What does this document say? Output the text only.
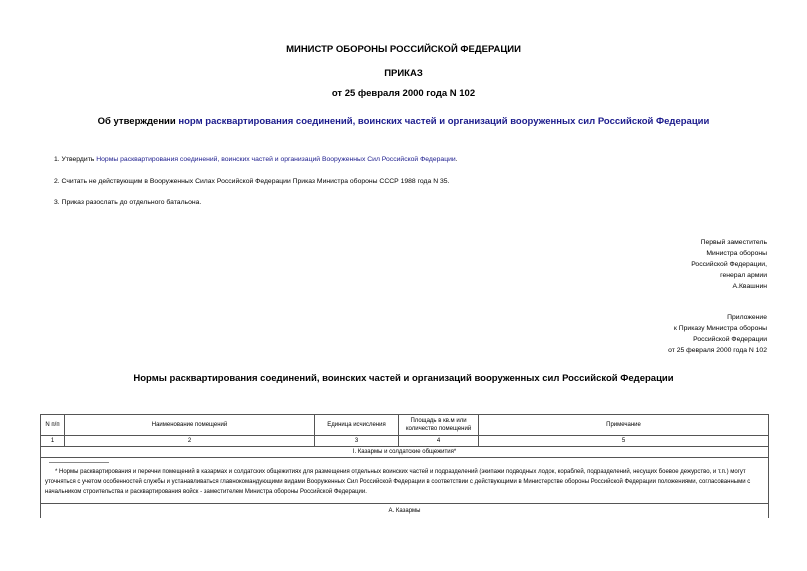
МИНИСТР ОБОРОНЫ РОССИЙСКОЙ ФЕДЕРАЦИИ
ПРИКАЗ
от 25 февраля 2000 года N 102
Об утверждении норм расквартирования соединений, воинских частей и организаций вооруженных сил Российской Федерации
1. Утвердить Нормы расквартирования соединений, воинских частей и организаций Вооруженных Сил Российской Федерации.
2. Считать не действующим в Вооруженных Силах Российской Федерации Приказ Министра обороны СССР 1988 года N 35.
3. Приказ разослать до отдельного батальона.
Первый заместитель
Министра обороны
Российской Федерации,
генерал армии
А.Квашнин
Приложение
к Приказу Министра обороны
Российской Федерации
от 25 февраля 2000 года N 102
Нормы расквартирования соединений, воинских частей и организаций вооруженных сил Российской Федерации
N п/п	Наименование помещений	Единица исчисления	Площадь в кв.м или количество помещений	Примечание
1	2	3	4	5
I. Казармы и солдатские общежития*				

* Нормы расквартирования и перечни помещений в казармах и солдатских общежитиях для размещения отдельных воинских частей и подразделений (экипажи подводных лодок, кораблей, подразделений, несущих боевое дежурство, и т.п.) могут уточняться с учетом особенностей службы и устанавливаться главнокомандующими видами Вооруженных Сил Российской Федерации в соответствии с действующими в Министерстве обороны Российской Федерации положениями, согласованными с начальником строительства и расквартирования войск - заместителем Министра обороны Российской Федерации.				
А. Казармы				
